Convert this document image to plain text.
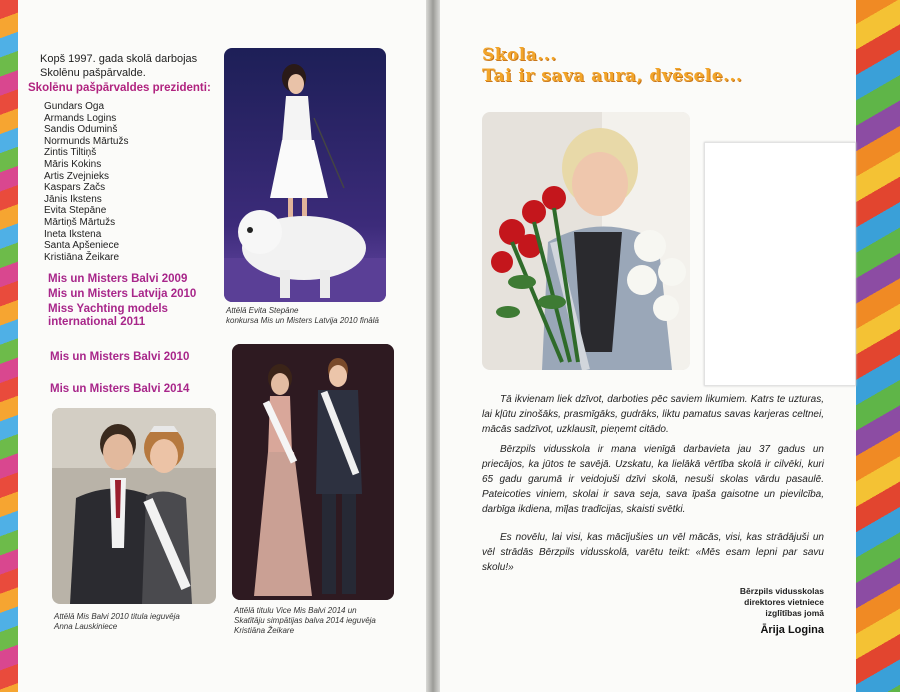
Kopš 1997. gada skolā darbojas Skolēnu pašpārvalde.
Skolēnu pašpārvaldes prezidenti:
Gundars Oga
Armands Logins
Sandis Oduminš
Normunds Mārtužs
Zintis Tiltiņš
Māris Kokins
Artis Zvejnieks
Kaspars Začs
Jānis Ikstens
Evita Stepāne
Mārtiņš Mārtužs
Ineta Ikstena
Santa Apšeniece
Kristiāna Žeikare
Mis un Misters Balvi 2009
Mis un Misters Latvija 2010
Miss Yachting models
international 2011
Mis un Misters Balvi 2010
Mis un Misters Balvi 2014
Attēlā Evita Stepāne
konkursa Mis un Misters Latvija 2010 finālā
Attēlā Mis Balvi 2010 titula ieguvēja
Anna Lauskiniece
Attēlā titulu Vice Mis Balvi 2014 un
Skatītāju simpātijas balva 2014 ieguvēja
Kristiāna Žeikare
Skola...
Tai ir sava aura, dvēsele...

Tā ikvienam liek dzīvot, darboties pēc saviem likumiem. Katrs te uzturas, lai kļūtu zinošāks, prasmīgāks, gudrāks, liktu pamatus savas karjeras celtnei, mācās sadzīvot, uzklausīt, pieņemt citādo.

Bērzpils vidusskola ir mana vienīgā darbavieta jau 37 gadus un priecājos, ka jūtos te savējā. Uzskatu, ka lielākā vērtība skolā ir cilvēki, kuri 65 gadu garumā ir veidojuši dzīvi skolā, nesuši skolas vārdu pasaulē. Pateicoties viniem, skolai ir sava seja, sava īpaša gaisotne un pievilcība, darbīga ikdiena, mīļas tradīcijas, skaisti svētki.

Es novēlu, lai visi, kas mācījušies un vēl mācās, visi, kas strādājuši un vēl strādās Bērzpils vidusskolā, varētu teikt: «Mēs esam lepni par savu skolu!»

Bērzpils vidusskolas
direktores vietniece
izglītības jomā
Ārija Logina
